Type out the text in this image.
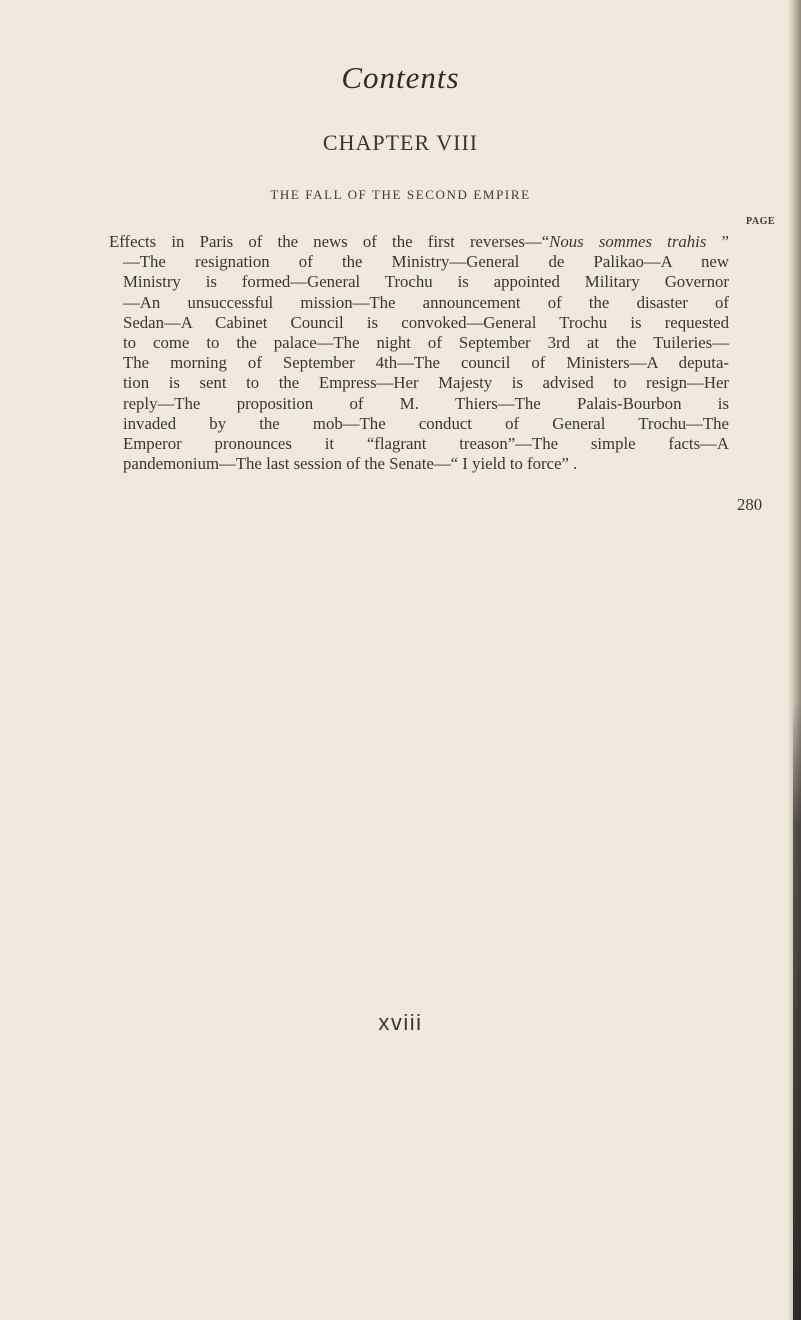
Contents
CHAPTER VIII
THE FALL OF THE SECOND EMPIRE
PAGE
Effects in Paris of the news of the first reverses—“Nous sommes trahis ”
—The resignation of the Ministry—General de Palikao—A new
Ministry is formed—General Trochu is appointed Military Governor
—An unsuccessful mission—The announcement of the disaster of
Sedan—A Cabinet Council is convoked—General Trochu is requested
to come to the palace—The night of September 3rd at the Tuileries—
The morning of September 4th—The council of Ministers—A deputa-
tion is sent to the Empress—Her Majesty is advised to resign—Her
reply—The proposition of M. Thiers—The Palais-Bourbon is
invaded by the mob—The conduct of General Trochu—The
Emperor pronounces it “flagrant treason”—The simple facts—A
pandemonium—The last session of the Senate—“ I yield to force” .
280
xviii
